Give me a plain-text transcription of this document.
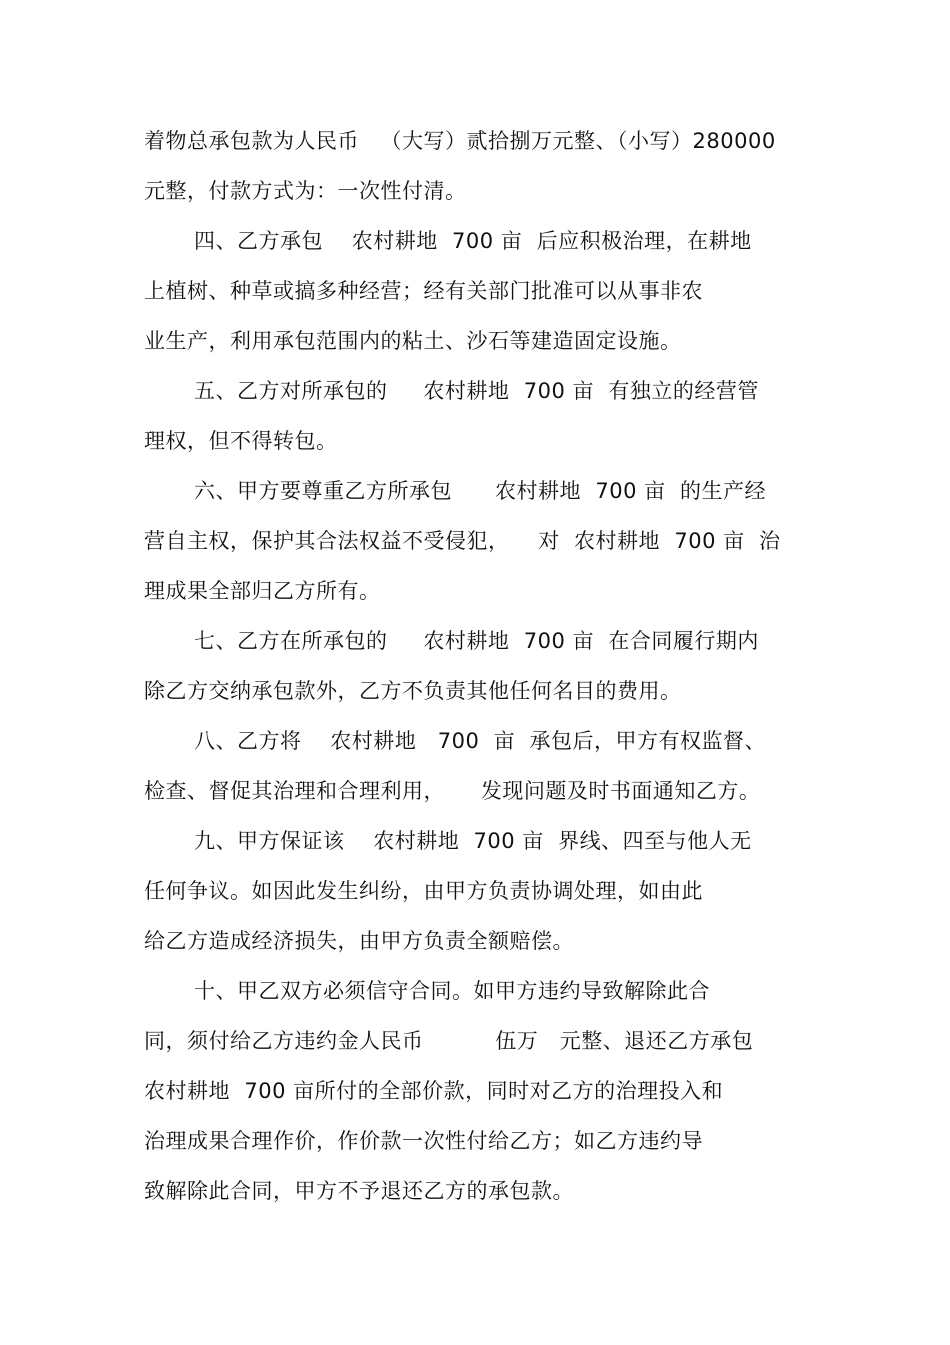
着物总承包款为人民币   （大写）贰拾捌万元整、（小写）280000
元整，付款方式为：一次性付清。
四、乙方承包    农村耕地  700 亩  后应积极治理，在耕地
上植树、种草或搞多种经营；经有关部门批准可以从事非农
业生产，利用承包范围内的粘土、沙石等建造固定设施。
五、乙方对所承包的     农村耕地  700 亩  有独立的经营管
理权，但不得转包。
六、甲方要尊重乙方所承包      农村耕地  700 亩  的生产经
营自主权，保护其合法权益不受侵犯，    对  农村耕地  700 亩  治
理成果全部归乙方所有。
七、乙方在所承包的     农村耕地  700 亩  在合同履行期内
除乙方交纳承包款外，乙方不负责其他任何名目的费用。
八、乙方将    农村耕地   700  亩  承包后，甲方有权监督、
检查、督促其治理和合理利用，     发现问题及时书面通知乙方。
九、甲方保证该    农村耕地  700 亩  界线、四至与他人无
任何争议。如因此发生纠纷，由甲方负责协调处理，如由此
给乙方造成经济损失，由甲方负责全额赔偿。
十、甲乙双方必须信守合同。如甲方违约导致解除此合
同，须付给乙方违约金人民币          伍万   元整、退还乙方承包
农村耕地  700 亩所付的全部价款，同时对乙方的治理投入和
治理成果合理作价，作价款一次性付给乙方；如乙方违约导
致解除此合同，甲方不予退还乙方的承包款。
